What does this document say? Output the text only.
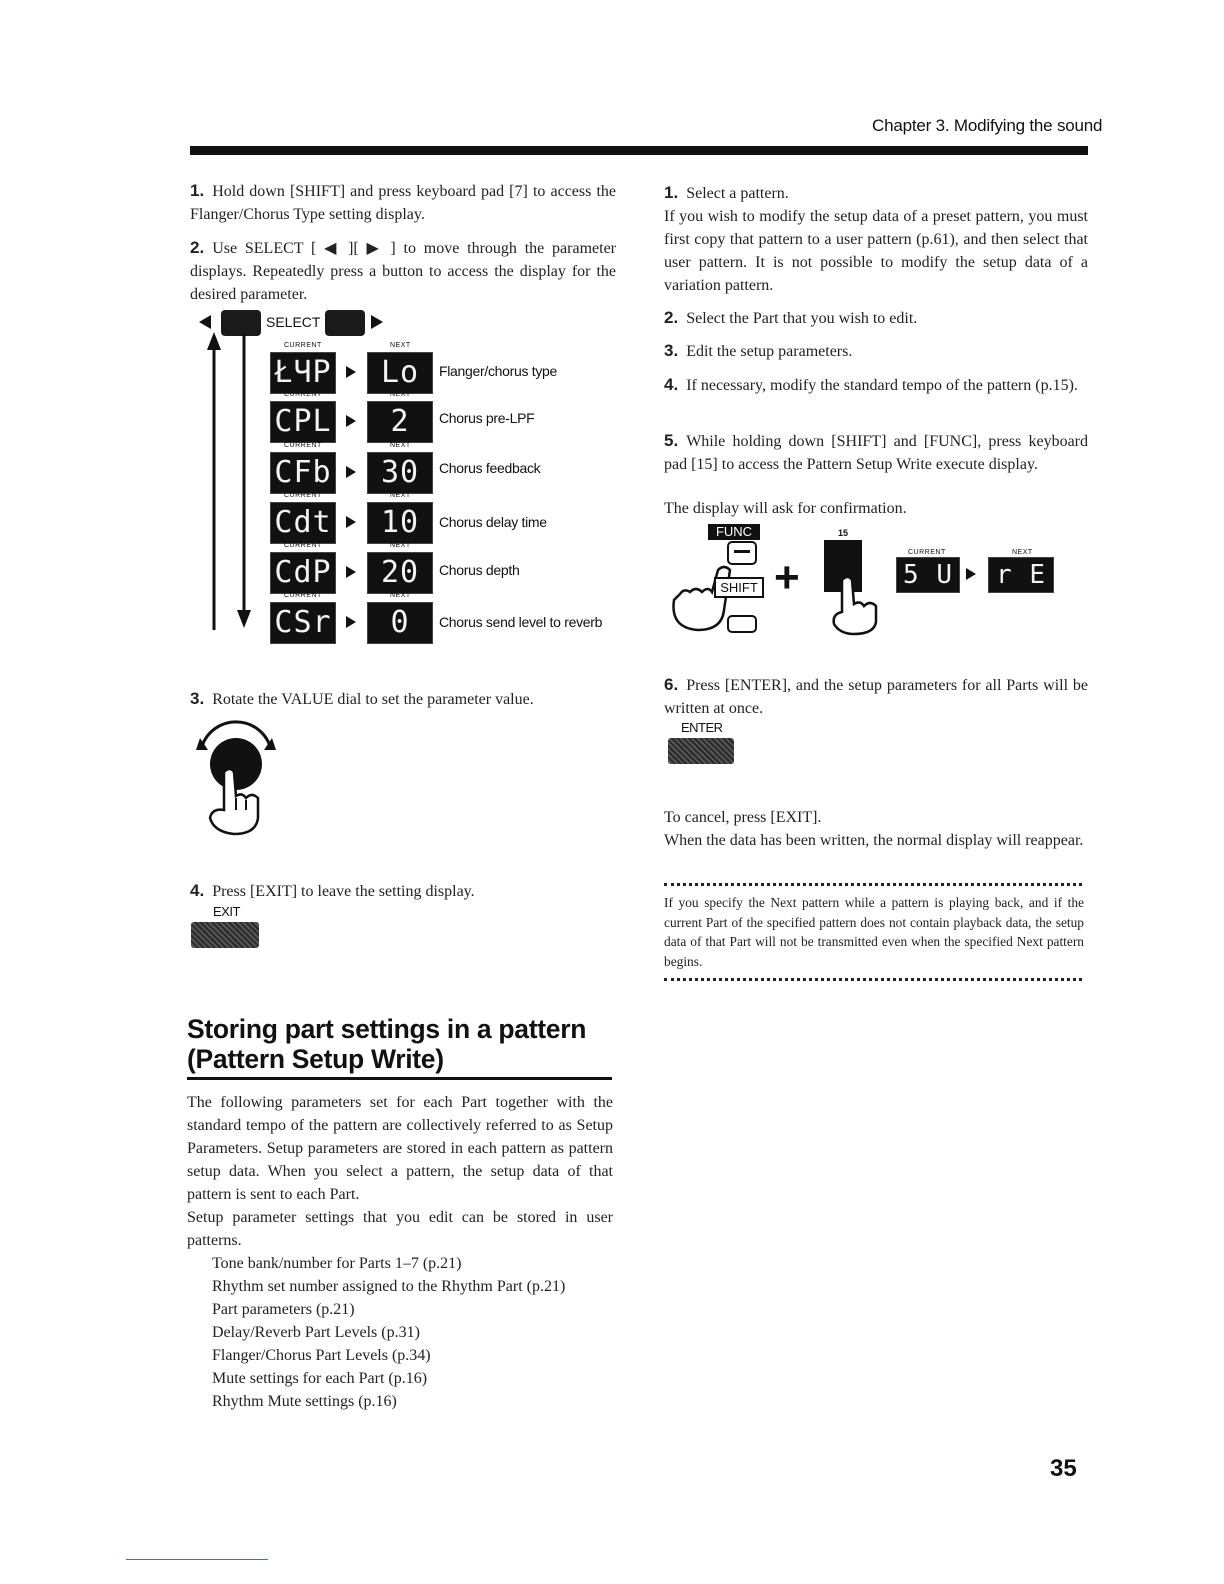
Chapter 3. Modifying the sound

1. Hold down [SHIFT] and press keyboard pad [7] to access the Flanger/Chorus Type setting display.

2. Use SELECT [ ◀ ][ ▶ ] to move through the parameter displays. Repeatedly press a button to access the display for the desired parameter.

SELECT
CURRENT	NEXT
ŁЧP	Lo	Flanger/chorus type
CURRENT	NEXT
CPL	2	Chorus pre-LPF
CURRENT	NEXT
CFb	30	Chorus feedback
CURRENT	NEXT
Cdt	10	Chorus delay time
CURRENT	NEXT
CdP	20	Chorus depth
CURRENT	NEXT
CSr	0	Chorus send level to reverb

3. Rotate the VALUE dial to set the parameter value.

4. Press [EXIT] to leave the setting display.

EXIT
Storing part settings in a pattern
(Pattern Setup Write)

The following parameters set for each Part together with the standard tempo of the pattern are collectively referred to as Setup Parameters. Setup parameters are stored in each pattern as pattern setup data. When you select a pattern, the setup data of that pattern is sent to each Part.

Setup parameter settings that you edit can be stored in user patterns.

Tone bank/number for Parts 1–7 (p.21)
Rhythm set number assigned to the Rhythm Part (p.21)
Part parameters (p.21)
Delay/Reverb Part Levels (p.31)
Flanger/Chorus Part Levels (p.34)
Mute settings for each Part (p.16)
Rhythm Mute settings (p.16)

1. Select a pattern.

If you wish to modify the setup data of a preset pattern, you must first copy that pattern to a user pattern (p.61), and then select that user pattern. It is not possible to modify the setup data of a variation pattern.

2. Select the Part that you wish to edit.

3. Edit the setup parameters.

4. If necessary, modify the standard tempo of the pattern (p.15).

5. While holding down [SHIFT] and [FUNC], press keyboard pad [15] to access the Pattern Setup Write execute display.

The display will ask for confirmation.

FUNC
SHIFT +
15
CURRENT	NEXT
5 U	r E

6. Press [ENTER], and the setup parameters for all Parts will be written at once.

ENTER

To cancel, press [EXIT].

When the data has been written, the normal display will reappear.

If you specify the Next pattern while a pattern is playing back, and if the current Part of the specified pattern does not contain playback data, the setup data of that Part will not be transmitted even when the specified Next pattern begins.

35
